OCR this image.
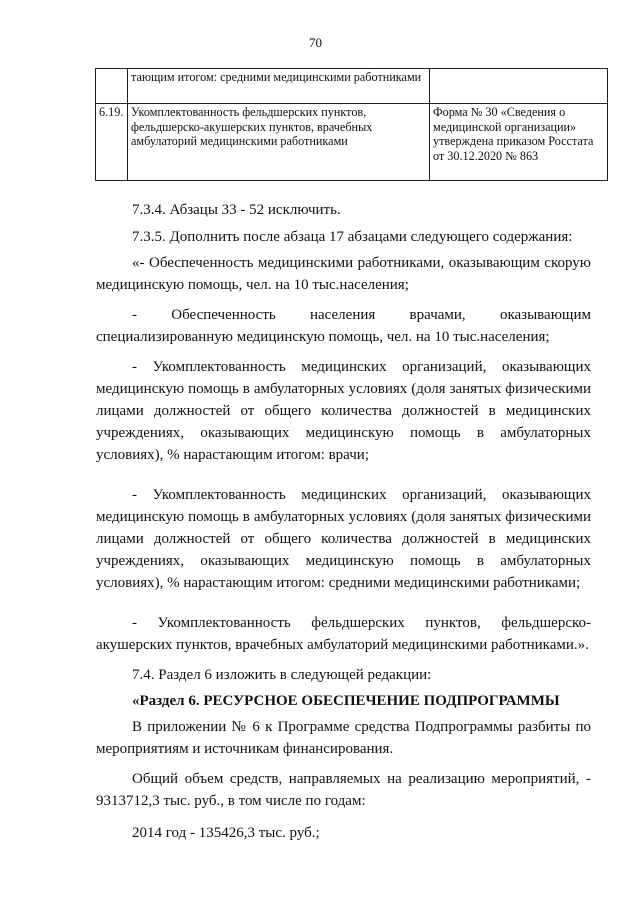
70
	тающим итогом: средними медицинскими работниками	
6.19.	Укомплектованность фельдшерских пунктов, фельдшерско-акушерских пунктов, врачебных амбулаторий медицинскими работниками	Форма № 30 «Сведения о медицинской организации» утверждена приказом Росстата от 30.12.2020 № 863

7.3.4. Абзацы 33 - 52 исключить.

7.3.5. Дополнить после абзаца 17 абзацами следующего содержания:

«- Обеспеченность медицинскими работниками, оказывающим скорую медицинскую помощь, чел. на 10 тыс.населения;

- Обеспеченность населения врачами, оказывающим специализированную медицинскую помощь, чел. на 10 тыс.населения;

- Укомплектованность медицинских организаций, оказывающих медицинскую помощь в амбулаторных условиях (доля занятых физическими лицами должностей от общего количества должностей в медицинских учреждениях, оказывающих медицинскую помощь в амбулаторных условиях), % нарастающим итогом: врачи;

- Укомплектованность медицинских организаций, оказывающих медицинскую помощь в амбулаторных условиях (доля занятых физическими лицами должностей от общего количества должностей в медицинских учреждениях, оказывающих медицинскую помощь в амбулаторных условиях), % нарастающим итогом: средними медицинскими работниками;

- Укомплектованность фельдшерских пунктов, фельдшерско-акушерских пунктов, врачебных амбулаторий медицинскими работниками.».

7.4. Раздел 6 изложить в следующей редакции:

«Раздел 6. РЕСУРСНОЕ ОБЕСПЕЧЕНИЕ ПОДПРОГРАММЫ

В приложении № 6 к Программе средства Подпрограммы разбиты по мероприятиям и источникам финансирования.

Общий объем средств, направляемых на реализацию мероприятий, - 9313712,3 тыс. руб., в том числе по годам:

2014 год - 135426,3 тыс. руб.;
